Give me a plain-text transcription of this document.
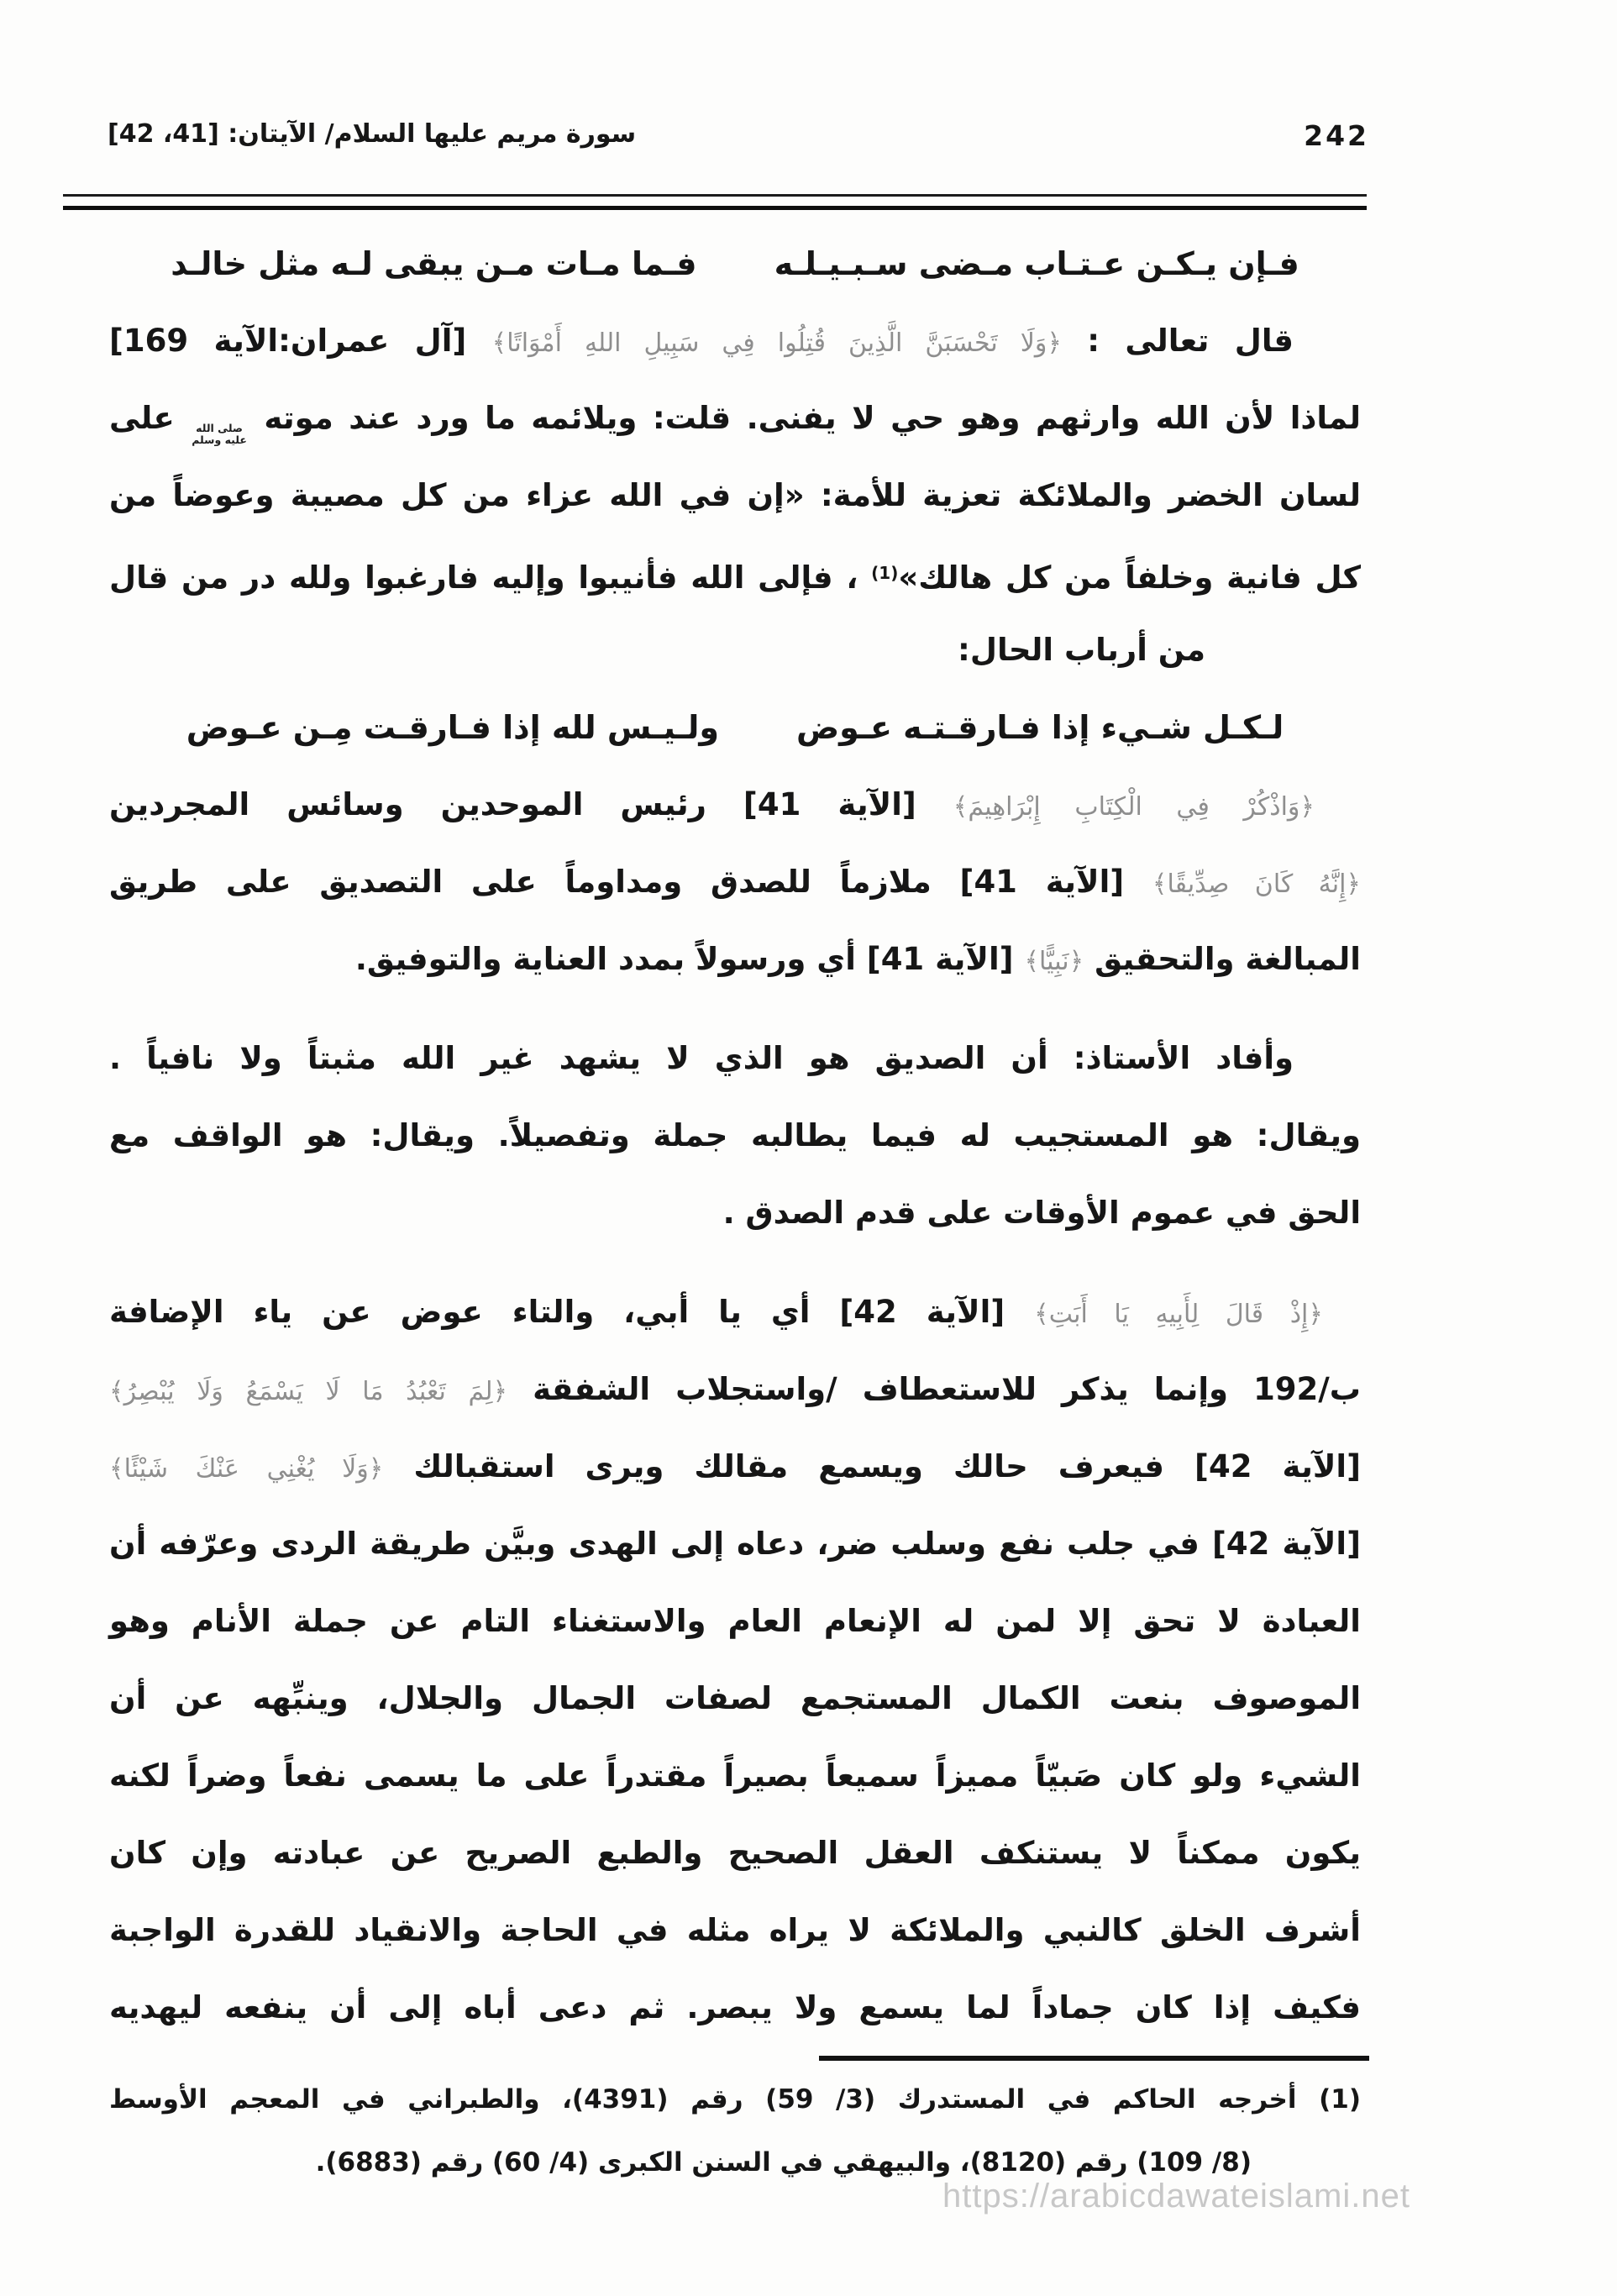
242
سورة مريم عليها السلام/ الآيتان: [41، 42]
فـإن يـكـن عـتـاب مـضى سـبـيـلـه
فـما مـات مـن يبقى لـه مثل خالـد
قال تعالى : ﴿وَلَا تَحْسَبَنَّ الَّذِينَ قُتِلُوا فِي سَبِيلِ اللهِ أَمْوَاتًا﴾ [آل عمران:الآية 169]
لماذا لأن الله وارثهم وهو حي لا يفنى. قلت: ويلائمه ما ورد عند موته
صلى الله
عليه وسلم
على
لسان الخضر والملائكة تعزية للأمة: «إن في الله عزاء من كل مصيبة وعوضاً من
كل فانية وخلفاً من كل هالك»$^{(1)}$ ، فإلى الله فأنيبوا وإليه فارغبوا ولله در من قال
من أرباب الحال:
لـكـل شـيء إذا فـارقـتـه عـوض
ولـيـس لله إذا فـارقـت مِـن عـوض
﴿وَاذْكُرْ فِي الْكِتَابِ إِبْرَاهِيمَ﴾ [الآية 41] رئيس الموحدين وسائس المجردين
﴿إِنَّهُ كَانَ صِدِّيقًا﴾ [الآية 41] ملازماً للصدق ومداوماً على التصديق على طريق
المبالغة والتحقيق ﴿نَبِيًّا﴾ [الآية 41] أي ورسولاً بمدد العناية والتوفيق.
وأفاد الأستاذ: أن الصديق هو الذي لا يشهد غير الله مثبتاً ولا نافياً .
ويقال: هو المستجيب له فيما يطالبه جملة وتفصيلاً. ويقال: هو الواقف مع
الحق في عموم الأوقات على قدم الصدق .
﴿إِذْ قَالَ لِأَبِيهِ يَا أَبَتِ﴾ [الآية 42] أي يا أبي، والتاء عوض عن ياء الإضافة
192/ب وإنما يذكر للاستعطاف /واستجلاب الشفقة ﴿لِمَ تَعْبُدُ مَا لَا يَسْمَعُ وَلَا يُبْصِرُ﴾
[الآية 42] فيعرف حالك ويسمع مقالك ويرى استقبالك ﴿وَلَا يُغْنِي عَنْكَ شَيْئًا﴾
[الآية 42] في جلب نفع وسلب ضر، دعاه إلى الهدى وبيَّن طريقة الردى وعرّفه أن
العبادة لا تحق إلا لمن له الإنعام العام والاستغناء التام عن جملة الأنام وهو
الموصوف بنعت الكمال المستجمع لصفات الجمال والجلال، وينبِّهه عن أن
الشيء ولو كان صَبيّاً مميزاً سميعاً بصيراً مقتدراً على ما يسمى نفعاً وضراً لكنه
يكون ممكناً لا يستنكف العقل الصحيح والطبع الصريح عن عبادته وإن كان
أشرف الخلق كالنبي والملائكة لا يراه مثله في الحاجة والانقياد للقدرة الواجبة
فكيف إذا كان جماداً لما يسمع ولا يبصر. ثم دعى أباه إلى أن ينفعه ليهديه
(1) أخرجه الحاكم في المستدرك (3/ 59) رقم (4391)، والطبراني في المعجم الأوسط
(8/ 109) رقم (8120)، والبيهقي في السنن الكبرى (4/ 60) رقم (6883).
https://arabicdawateislami.net
